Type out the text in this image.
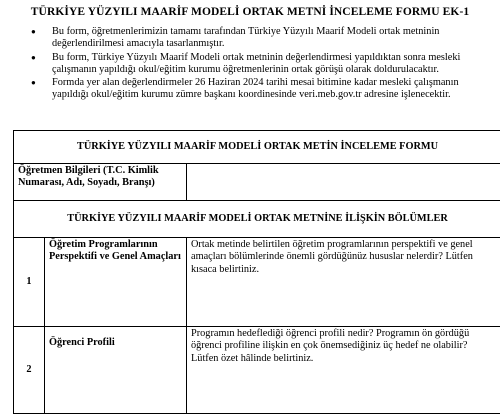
TÜRKİYE YÜZYILI MAARİF MODELİ ORTAK METNİ İNCELEME FORMU EK-1
● Bu form, öğretmenlerimizin tamamı tarafından Türkiye Yüzyılı Maarif Modeli ortak metninin değerlendirilmesi amacıyla tasarlanmıştır.
● Bu form, Türkiye Yüzyılı Maarif Modeli ortak metninin değerlendirmesi yapıldıktan sonra mesleki çalışmanın yapıldığı okul/eğitim kurumu öğretmenlerinin ortak görüşü olarak doldurulacaktır.
● Formda yer alan değerlendirmeler 26 Haziran 2024 tarihi mesai bitimine kadar mesleki çalışmanın yapıldığı okul/eğitim kurumu zümre başkanı koordinesinde veri.meb.gov.tr adresine işlenecektir.
TÜRKİYE YÜZYILI MAARİF MODELİ ORTAK METİN İNCELEME FORMU		
Öğretmen Bilgileri (T.C. Kimlik Numarası, Adı, Soyadı, Branşı)		
TÜRKİYE YÜZYILI MAARİF MODELİ ORTAK METNİNE İLİŞKİN BÖLÜMLER		
1	Öğretim Programlarının Perspektifi ve Genel Amaçları	Ortak metinde belirtilen öğretim programlarının perspektifi ve genel amaçları bölümlerinde önemli gördüğünüz hususlar nelerdir? Lütfen kısaca belirtiniz.
2	Öğrenci Profili	Programın hedeflediği öğrenci profili nedir? Programın ön gördüğü öğrenci profiline ilişkin en çok önemsediğiniz üç hedef ne olabilir? Lütfen özet hâlinde belirtiniz.
